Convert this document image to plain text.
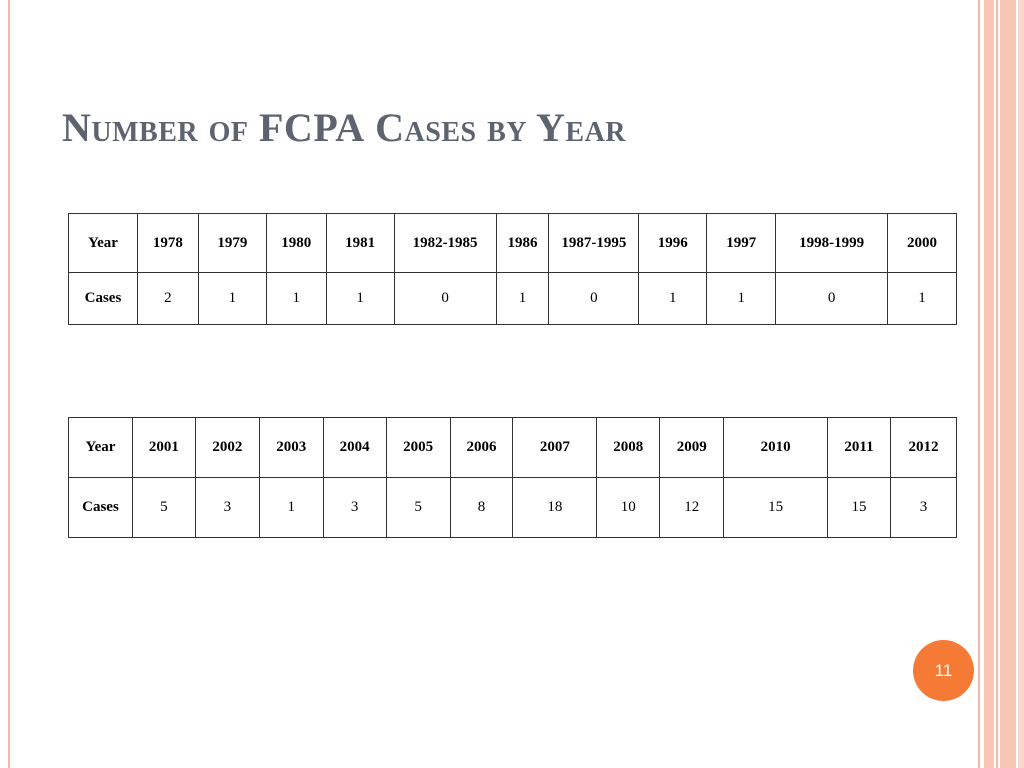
Number of FCPA Cases by Year
Year	1978	1979	1980	1981	1982-1985	1986	1987-1995	1996	1997	1998-1999	2000
Cases	2	1	1	1	0	1	0	1	1	0	1
Year	2001	2002	2003	2004	2005	2006	2007	2008	2009	2010	2011	2012
Cases	5	3	1	3	5	8	18	10	12	15	15	3
11
